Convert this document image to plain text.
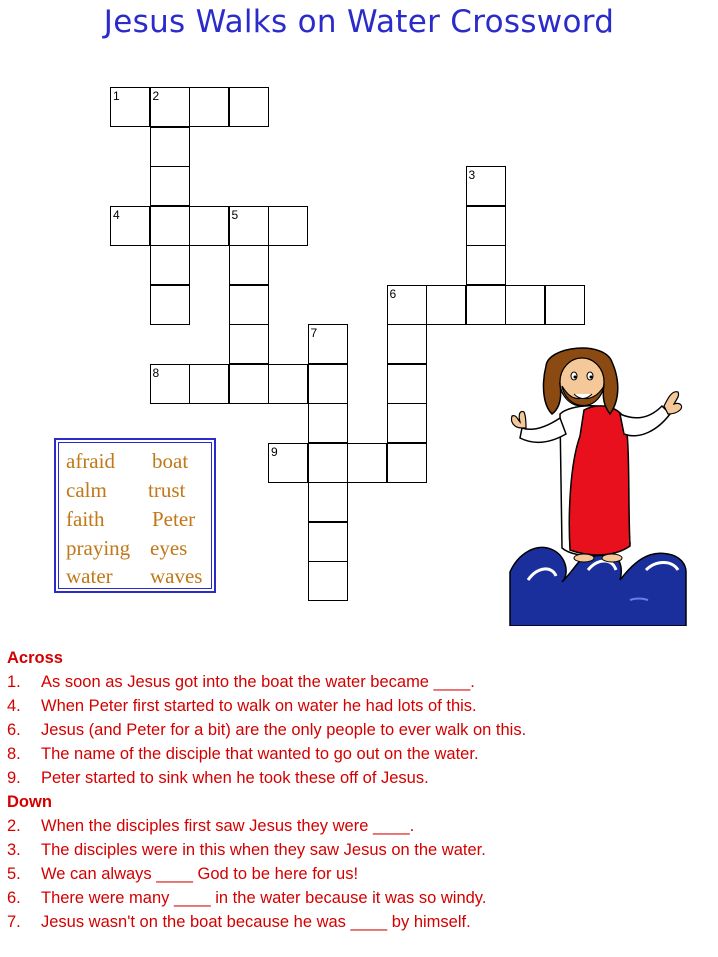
Jesus Walks on Water Crossword
1	2
4	5
3
6
7
8
9
afraid
calm
faith
praying
water
boat
trust
Peter
eyes
waves
Across
1. As soon as Jesus got into the boat the water became ____.
4. When Peter first started to walk on water he had lots of this.
6. Jesus (and Peter for a bit) are the only people to ever walk on this.
8. The name of the disciple that wanted to go out on the water.
9. Peter started to sink when he took these off of Jesus.
Down
2. When the disciples first saw Jesus they were ____.
3. The disciples were in this when they saw Jesus on the water.
5. We can always ____ God to be here for us!
6. There were many ____ in the water because it was so windy.
7. Jesus wasn't on the boat because he was ____ by himself.
